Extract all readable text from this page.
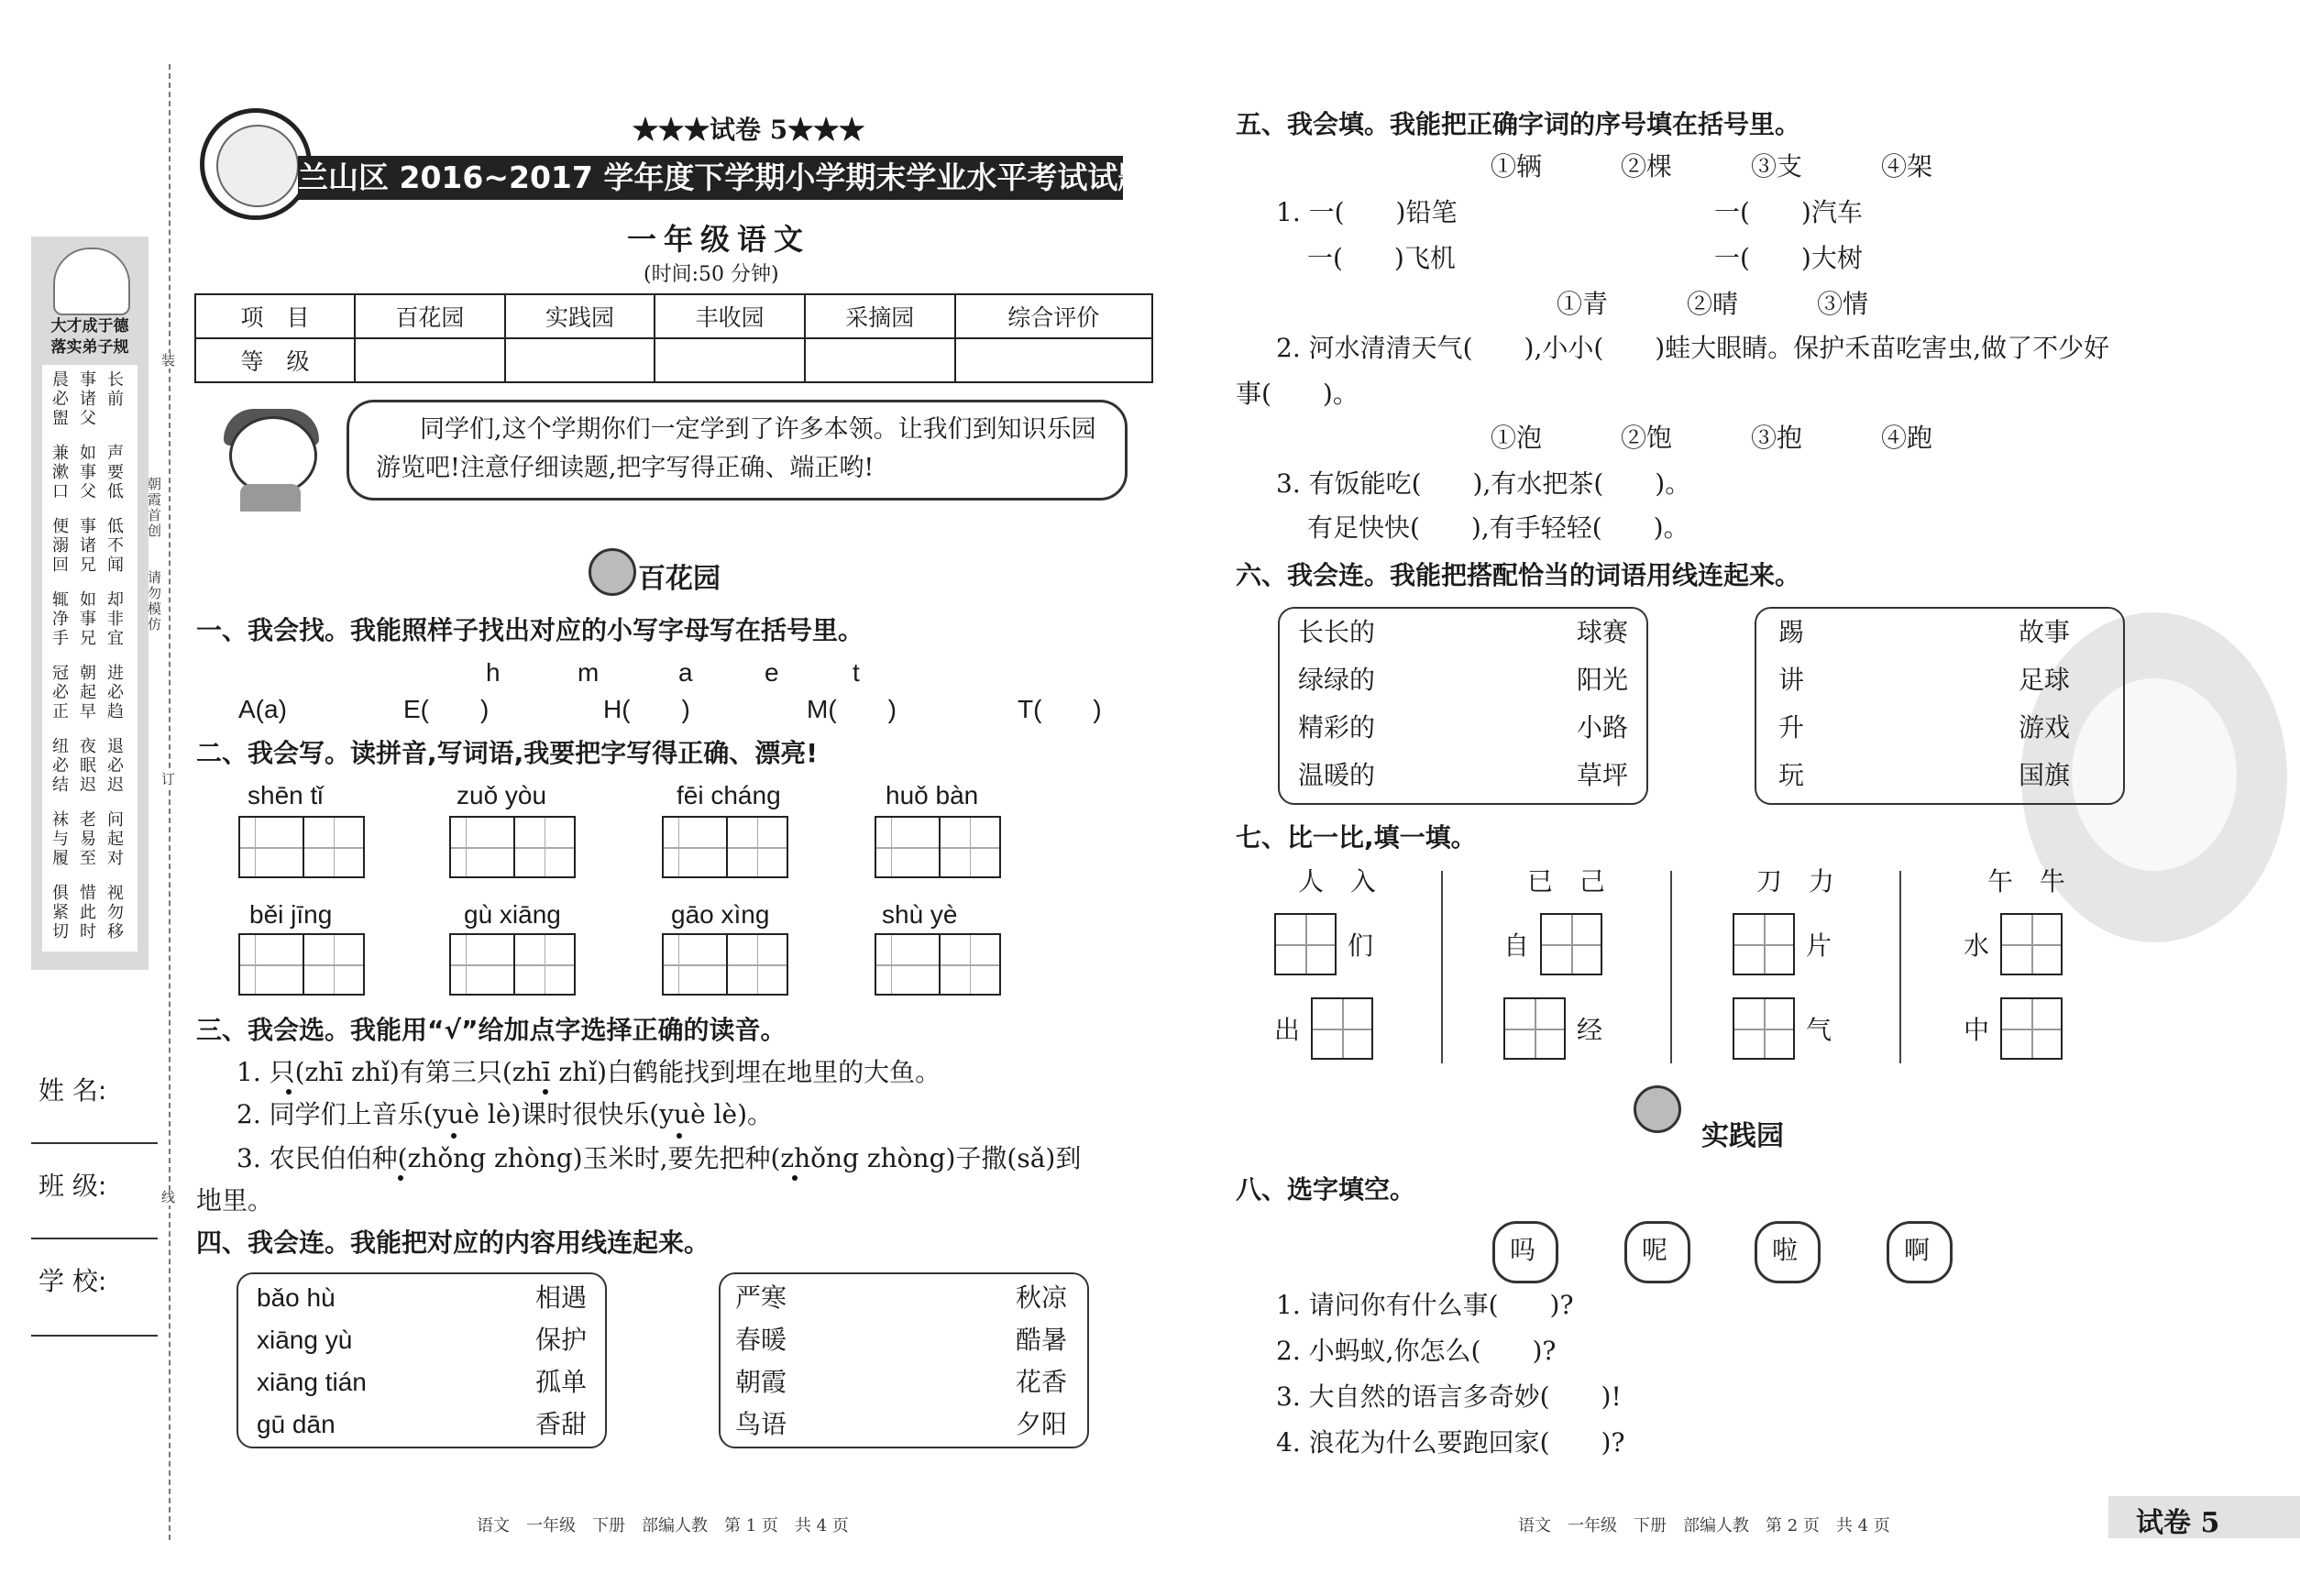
大才成于德
落实弟子规
晨必盥
事诸父
长前
兼漱口
如事父
声要低
便溺回
事诸兄
低不闻
辄净手
如事兄
却非宜
冠必正
朝起早
进必趋
纽必结
夜眠迟
退必迟
袜与履
老易至
问起对
俱紧切
惜此时
视勿移
姓 名:
班 级:
学 校:
装
朝霞首创
请勿模仿
订
线
★★★试卷 5★★★
兰山区 2016~2017 学年度下学期小学期末学业水平考试试题
一年级语文
(时间:50 分钟)
项　目	百花园	实践园	丰收园	采摘园	综合评价
等　级					
同学们,这个学期你们一定学到了许多本领。让我们到知识乐园
游览吧!注意仔细读题,把字写得正确、端正哟!
百花园
一、我会找。我能照样子找出对应的小写字母写在括号里。
h	m	a	e	t
A(a)	E(　　)	H(　　)	M(　　)	T(　　)
二、我会写。读拼音,写词语,我要把字写得正确、漂亮!
shēn tǐ	zuǒ yòu	fēi cháng	huǒ bàn
běi jīng	gù xiāng	gāo xìng	shù yè
三、我会选。我能用“√”给加点字选择正确的读音。
1. 只(zhī zhǐ)有第三只(zhī zhǐ)白鹤能找到埋在地里的大鱼。
2. 同学们上音乐(yuè lè)课时很快乐(yuè lè)。
3. 农民伯伯种(zhǒng zhòng)玉米时,要先把种(zhǒng zhòng)子撒(sǎ)到
地里。
四、我会连。我能把对应的内容用线连起来。
bǎo hù	相遇	严寒	秋凉
xiāng yù	保护	春暖	酷暑
xiāng tián	孤单	朝霞	花香
gū dān	香甜	鸟语	夕阳
语文　一年级　下册　部编人教　第 1 页　共 4 页
五、我会填。我能把正确字词的序号填在括号里。
①辆	②棵	③支	④架
1. 一(　　)铅笔	一(　　)汽车
一(　　)飞机	一(　　)大树
①青	②晴	③情
2. 河水清清天气(　　),小小(　　)蛙大眼睛。保护禾苗吃害虫,做了不少好
事(　　)。
①泡	②饱	③抱	④跑
3. 有饭能吃(　　),有水把茶(　　)。
有足快快(　　),有手轻轻(　　)。
六、我会连。我能把搭配恰当的词语用线连起来。
长长的	球赛	踢	故事
绿绿的	阳光	讲	足球
精彩的	小路	升	游戏
温暖的	草坪	玩	国旗
七、比一比,填一填。
人 入
们
出
已 己
自
经
刀 力
片
气
午 牛
水
中
实践园
八、选字填空。
吗	呢	啦	啊
1. 请问你有什么事(　　)?
2. 小蚂蚁,你怎么(　　)?
3. 大自然的语言多奇妙(　　)!
4. 浪花为什么要跑回家(　　)?
语文　一年级　下册　部编人教　第 2 页　共 4 页	试卷 5
